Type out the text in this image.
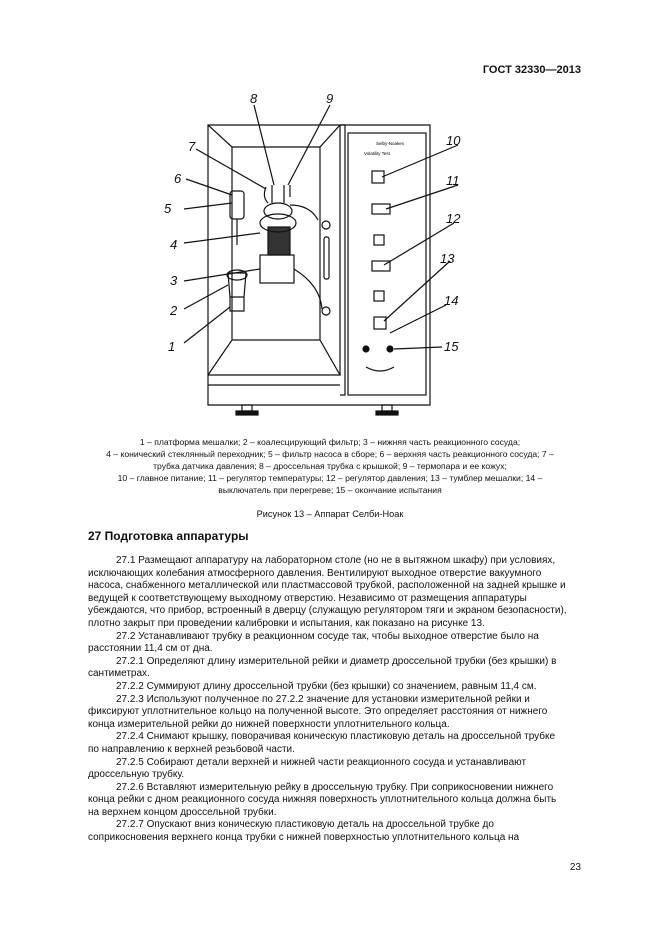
ГОСТ 32330—2013
Selby-Noakes
Volatility Test
1
2
3
4
5
6
7
8	9
10
11
12
13
14
15
1 – платформа мешалки; 2 – коалесцирующий фильтр; 3 – нижняя часть реакционного сосуда;
4 – конический стеклянный переходник; 5 – фильтр насоса в сборе; 6 – верхняя часть реакционного сосуда; 7 –
трубка датчика давления; 8 – дроссельная трубка с крышкой; 9 – термопара и ее кожух;
10 – главное питание; 11 – регулятор температуры; 12 – регулятор давления; 13 – тумблер мешалки; 14 –
выключатель при перегреве; 15 – окончание испытания
Рисунок 13 – Аппарат Селби-Ноак
27 Подготовка аппаратуры

27.1 Размещают аппаратуру на лабораторном столе (но не в вытяжном шкафу) при условиях,

исключающих колебания атмосферного давления. Вентилируют выходное отверстие вакуумного

насоса, снабженного металлической или пластмассовой трубкой, расположенной на задней крышке и

ведущей к соответствующему выходному отверстию. Независимо от размещения аппаратуры

убеждаются, что прибор, встроенный в дверцу (служащую регулятором тяги и экраном безопасности),

плотно закрыт при проведении калибровки и испытания, как показано на рисунке 13.

27.2 Устанавливают трубку в реакционном сосуде так, чтобы выходное отверстие было на

расстоянии 11,4 см от дна.

27.2.1 Определяют длину измерительной рейки и диаметр дроссельной трубки (без крышки) в

сантиметрах.

27.2.2 Суммируют длину дроссельной трубки (без крышки) со значением, равным 11,4 см.

27.2.3 Используют полученное по 27.2.2 значение для установки измерительной рейки и

фиксируют уплотнительное кольцо на полученной высоте. Это определяет расстояния от нижнего

конца измерительной рейки до нижней поверхности уплотнительного кольца.

27.2.4 Снимают крышку, поворачивая коническую пластиковую деталь на дроссельной трубке

по направлению к верхней резьбовой части.

27.2.5 Собирают детали верхней и нижней части реакционного сосуда и устанавливают

дроссельную трубку.

27.2.6 Вставляют измерительную рейку в дроссельную трубку. При соприкосновении нижнего

конца рейки с дном реакционного сосуда нижняя поверхность уплотнительного кольца должна быть

на верхнем концом дроссельной трубки.

27.2.7 Опускают вниз коническую пластиковую деталь на дроссельной трубке до

соприкосновения верхнего конца трубки с нижней поверхностью уплотнительного кольца на

23
